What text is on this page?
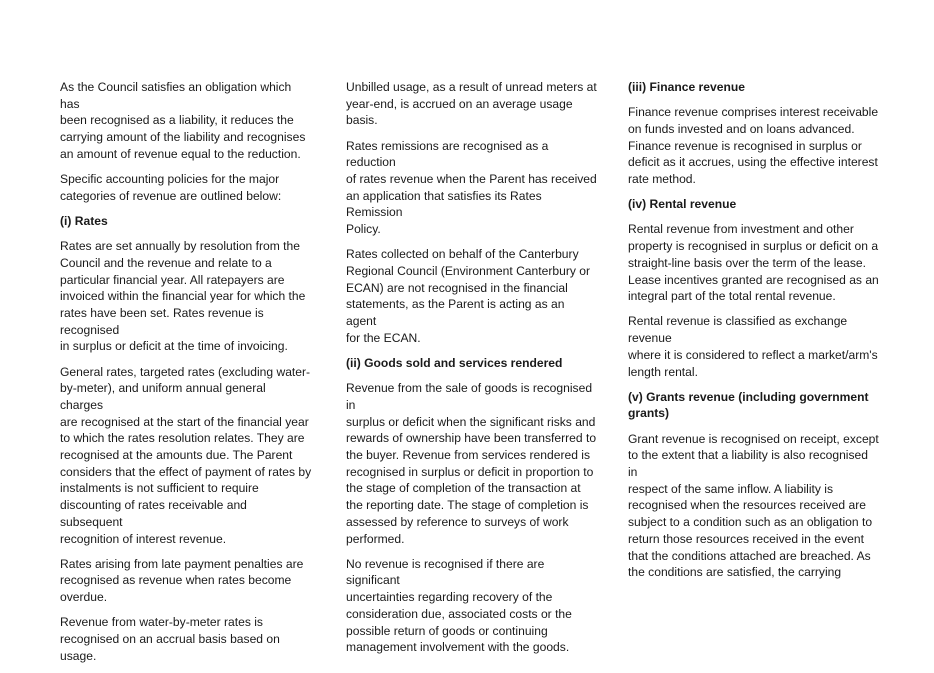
As the Council satisfies an obligation which has
been recognised as a liability, it reduces the
carrying amount of the liability and recognises
an amount of revenue equal to the reduction.

Specific accounting policies for the major
categories of revenue are outlined below:

(i) Rates

Rates are set annually by resolution from the
Council and the revenue and relate to a
particular financial year. All ratepayers are
invoiced within the financial year for which the
rates have been set. Rates revenue is recognised
in surplus or deficit at the time of invoicing.

General rates, targeted rates (excluding water-
by-meter), and uniform annual general charges
are recognised at the start of the financial year
to which the rates resolution relates. They are
recognised at the amounts due. The Parent
considers that the effect of payment of rates by
instalments is not sufficient to require
discounting of rates receivable and subsequent
recognition of interest revenue.

Rates arising from late payment penalties are
recognised as revenue when rates become
overdue.

Revenue from water-by-meter rates is
recognised on an accrual basis based on usage.

Unbilled usage, as a result of unread meters at
year-end, is accrued on an average usage basis.

Rates remissions are recognised as a reduction
of rates revenue when the Parent has received
an application that satisfies its Rates Remission
Policy.

Rates collected on behalf of the Canterbury
Regional Council (Environment Canterbury or
ECAN) are not recognised in the financial
statements, as the Parent is acting as an agent
for the ECAN.

(ii) Goods sold and services rendered

Revenue from the sale of goods is recognised in
surplus or deficit when the significant risks and
rewards of ownership have been transferred to
the buyer. Revenue from services rendered is
recognised in surplus or deficit in proportion to
the stage of completion of the transaction at
the reporting date. The stage of completion is
assessed by reference to surveys of work
performed.

No revenue is recognised if there are significant
uncertainties regarding recovery of the
consideration due, associated costs or the
possible return of goods or continuing
management involvement with the goods.

(iii) Finance revenue

Finance revenue comprises interest receivable
on funds invested and on loans advanced.
Finance revenue is recognised in surplus or
deficit as it accrues, using the effective interest
rate method.

(iv) Rental revenue

Rental revenue from investment and other
property is recognised in surplus or deficit on a
straight-line basis over the term of the lease.
Lease incentives granted are recognised as an
integral part of the total rental revenue.

Rental revenue is classified as exchange revenue
where it is considered to reflect a market/arm's
length rental.

(v) Grants revenue (including government
grants)

Grant revenue is recognised on receipt, except
to the extent that a liability is also recognised in
respect of the same inflow. A liability is
recognised when the resources received are
subject to a condition such as an obligation to
return those resources received in the event
that the conditions attached are breached. As
the conditions are satisfied, the carrying
